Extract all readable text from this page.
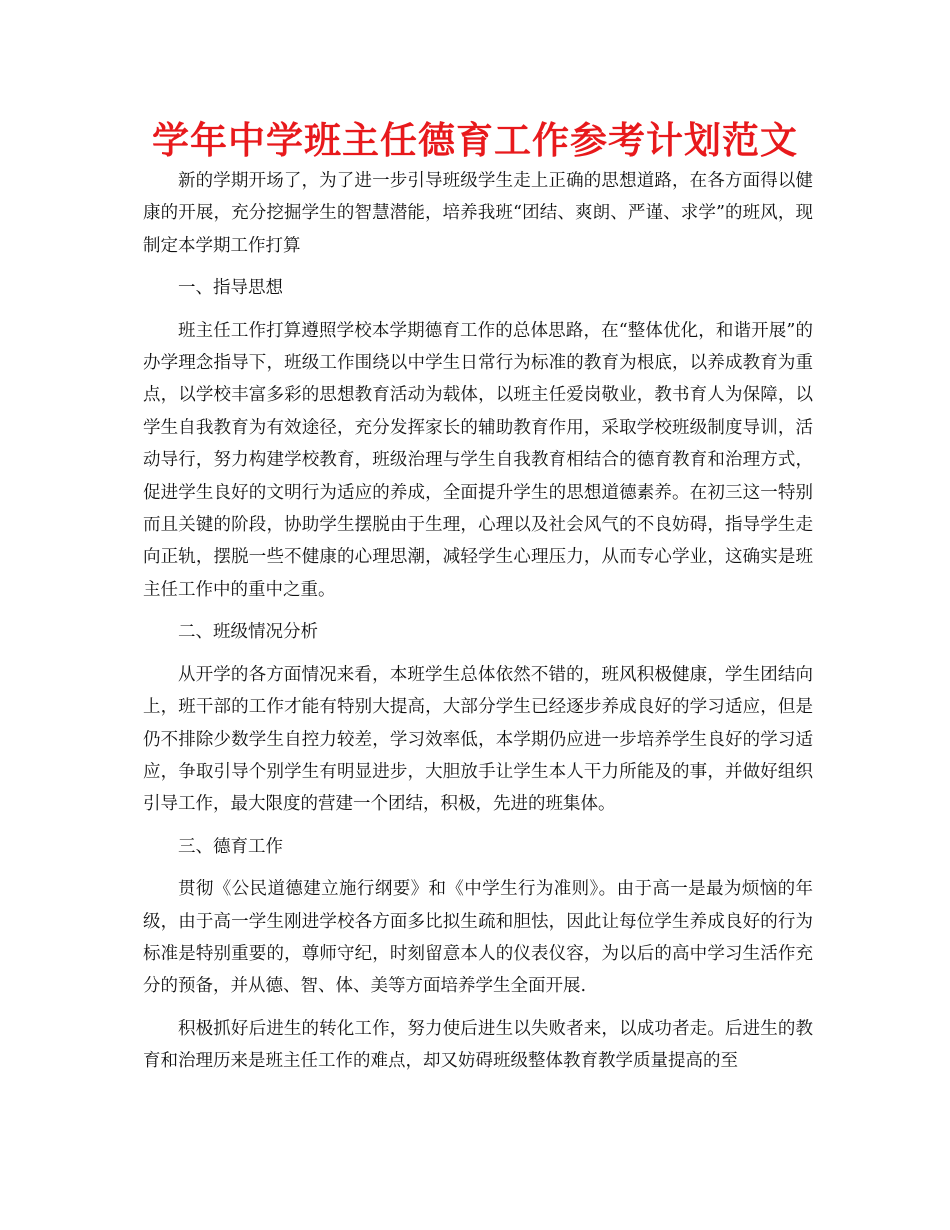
学年中学班主任德育工作参考计划范文

新的学期开场了，为了进一步引导班级学生走上正确的思想道路，在各方面得以健康的开展，充分挖掘学生的智慧潜能，培养我班“团结、爽朗、严谨、求学”的班风，现制定本学期工作打算

一、指导思想

班主任工作打算遵照学校本学期德育工作的总体思路，在“整体优化，和谐开展”的办学理念指导下，班级工作围绕以中学生日常行为标准的教育为根底，以养成教育为重点，以学校丰富多彩的思想教育活动为载体，以班主任爱岗敬业，教书育人为保障，以学生自我教育为有效途径，充分发挥家长的辅助教育作用，采取学校班级制度导训，活动导行，努力构建学校教育，班级治理与学生自我教育相结合的德育教育和治理方式，促进学生良好的文明行为适应的养成，全面提升学生的思想道德素养。在初三这一特别而且关键的阶段，协助学生摆脱由于生理，心理以及社会风气的不良妨碍，指导学生走向正轨，摆脱一些不健康的心理思潮，减轻学生心理压力，从而专心学业，这确实是班主任工作中的重中之重。

二、班级情况分析

从开学的各方面情况来看，本班学生总体依然不错的，班风积极健康，学生团结向上，班干部的工作才能有特别大提高，大部分学生已经逐步养成良好的学习适应，但是仍不排除少数学生自控力较差，学习效率低，本学期仍应进一步培养学生良好的学习适应，争取引导个别学生有明显进步，大胆放手让学生本人干力所能及的事，并做好组织引导工作，最大限度的营建一个团结，积极，先进的班集体。

三、德育工作

贯彻《公民道德建立施行纲要》和《中学生行为准则》。由于高一是最为烦恼的年级，由于高一学生刚进学校各方面多比拟生疏和胆怯，因此让每位学生养成良好的行为标准是特别重要的，尊师守纪，时刻留意本人的仪表仪容，为以后的高中学习生活作充分的预备，并从德、智、体、美等方面培养学生全面开展.

积极抓好后进生的转化工作，努力使后进生以失败者来，以成功者走。后进生的教育和治理历来是班主任工作的难点，却又妨碍班级整体教育教学质量提高的至
